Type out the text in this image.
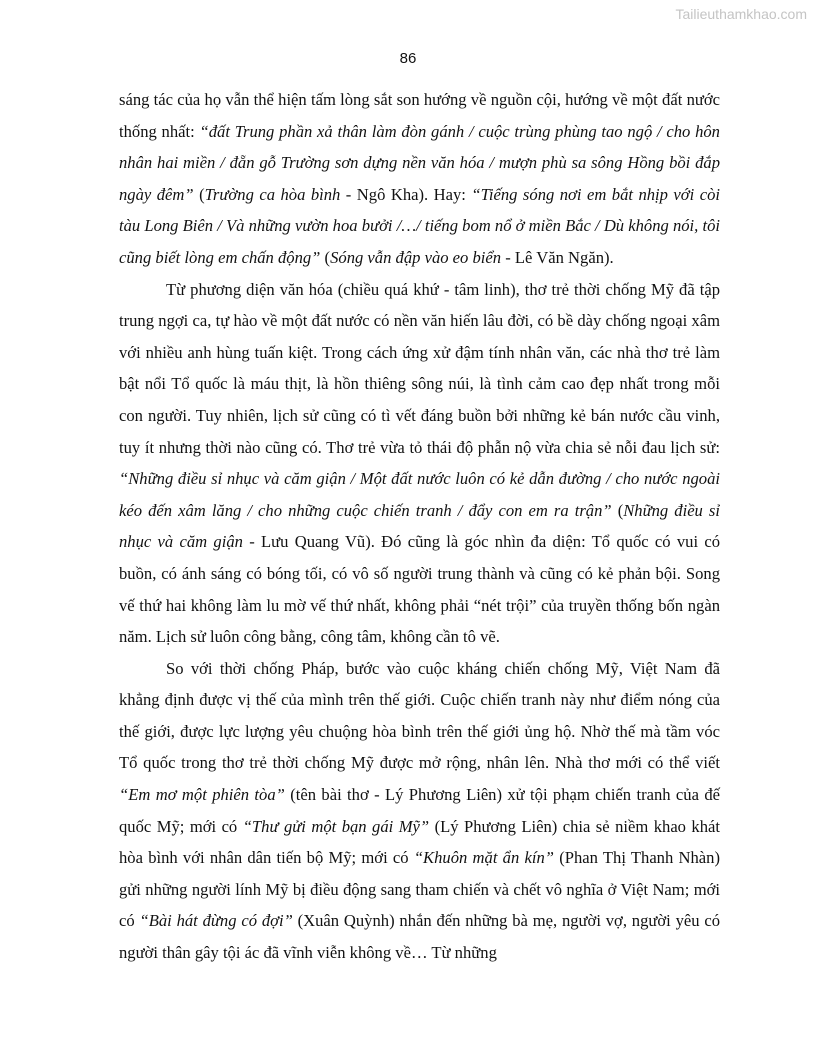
Tailieuthamkhao.com
86

sáng tác của họ vẫn thể hiện tấm lòng sắt son hướng về nguồn cội, hướng về một đất nước thống nhất: “đất Trung phần xả thân làm đòn gánh / cuộc trùng phùng tao ngộ / cho hôn nhân hai miền / đẵn gỗ Trường sơn dựng nền văn hóa / mượn phù sa sông Hồng bồi đắp ngày đêm” (Trường ca hòa bình - Ngô Kha). Hay: “Tiếng sóng nơi em bắt nhịp với còi tàu Long Biên / Và những vườn hoa bưởi /…/ tiếng bom nổ ở miền Bắc / Dù không nói, tôi cũng biết lòng em chấn động” (Sóng vẫn đập vào eo biển - Lê Văn Ngăn).

Từ phương diện văn hóa (chiều quá khứ - tâm linh), thơ trẻ thời chống Mỹ đã tập trung ngợi ca, tự hào về một đất nước có nền văn hiến lâu đời, có bề dày chống ngoại xâm với nhiều anh hùng tuấn kiệt. Trong cách ứng xử đậm tính nhân văn, các nhà thơ trẻ làm bật nổi Tổ quốc là máu thịt, là hồn thiêng sông núi, là tình cảm cao đẹp nhất trong mỗi con người. Tuy nhiên, lịch sử cũng có tì vết đáng buồn bởi những kẻ bán nước cầu vinh, tuy ít nhưng thời nào cũng có. Thơ trẻ vừa tỏ thái độ phẫn nộ vừa chia sẻ nỗi đau lịch sử: “Những điều sỉ nhục và căm giận / Một đất nước luôn có kẻ dẫn đường / cho nước ngoài kéo đến xâm lăng / cho những cuộc chiến tranh / đẩy con em ra trận” (Những điều sỉ nhục và căm giận - Lưu Quang Vũ). Đó cũng là góc nhìn đa diện: Tổ quốc có vui có buồn, có ánh sáng có bóng tối, có vô số người trung thành và cũng có kẻ phản bội. Song vế thứ hai không làm lu mờ vế thứ nhất, không phải “nét trội” của truyền thống bốn ngàn năm. Lịch sử luôn công bằng, công tâm, không cần tô vẽ.

So với thời chống Pháp, bước vào cuộc kháng chiến chống Mỹ, Việt Nam đã khẳng định được vị thế của mình trên thế giới. Cuộc chiến tranh này như điểm nóng của thế giới, được lực lượng yêu chuộng hòa bình trên thế giới ủng hộ. Nhờ thế mà tầm vóc Tổ quốc trong thơ trẻ thời chống Mỹ được mở rộng, nhân lên. Nhà thơ mới có thể viết “Em mơ một phiên tòa” (tên bài thơ - Lý Phương Liên) xử tội phạm chiến tranh của đế quốc Mỹ; mới có “Thư gửi một bạn gái Mỹ” (Lý Phương Liên) chia sẻ niềm khao khát hòa bình với nhân dân tiến bộ Mỹ; mới có “Khuôn mặt ẩn kín” (Phan Thị Thanh Nhàn) gửi những người lính Mỹ bị điều động sang tham chiến và chết vô nghĩa ở Việt Nam; mới có “Bài hát đừng có đợi” (Xuân Quỳnh) nhắn đến những bà mẹ, người vợ, người yêu có người thân gây tội ác đã vĩnh viễn không về… Từ những
